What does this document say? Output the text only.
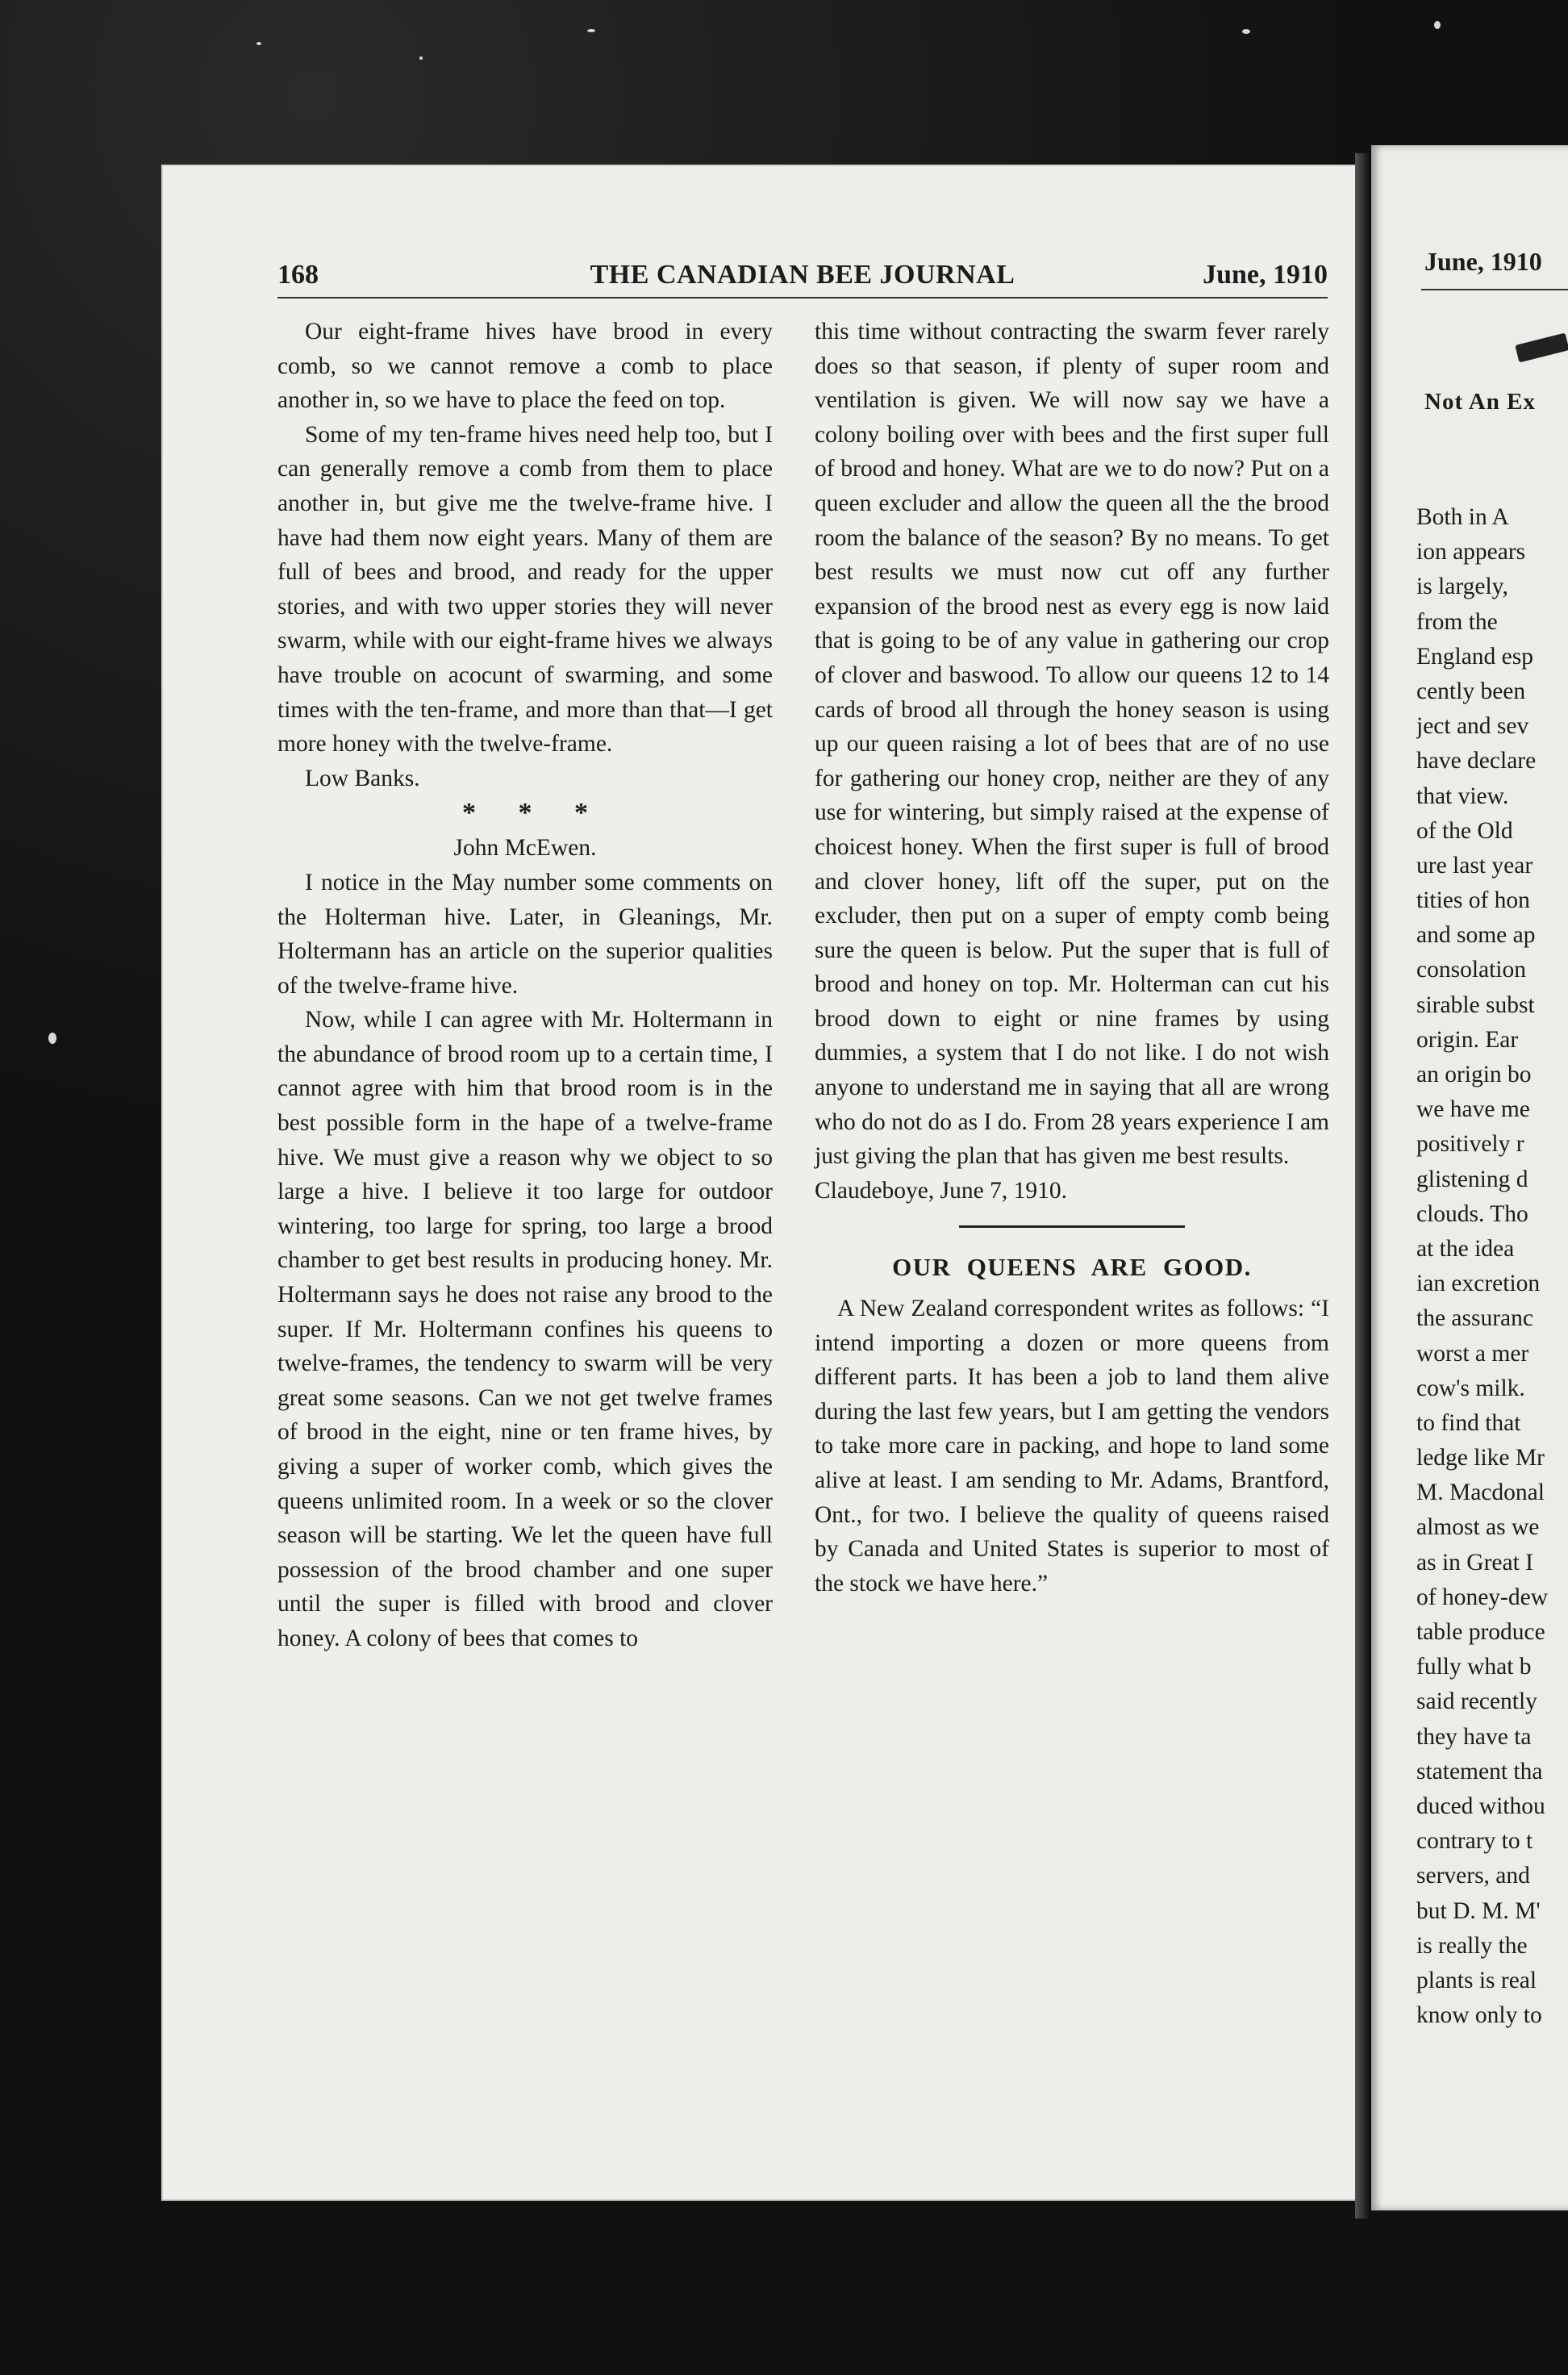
168	THE CANADIAN BEE JOURNAL	June, 1910

Our eight-frame hives have brood in every comb, so we cannot remove a comb to place another in, so we have to place the feed on top.

Some of my ten-frame hives need help too, but I can generally remove a comb from them to place another in, but give me the twelve-frame hive. I have had them now eight years. Many of them are full of bees and brood, and ready for the upper stories, and with two upper stories they will never swarm, while with our eight-frame hives we always have trouble on acocunt of swarming, and some times with the ten-frame, and more than that—I get more honey with the twelve-frame.

Low Banks.

* * *
John McEwen.

I notice in the May number some comments on the Holterman hive. Later, in Gleanings, Mr. Holtermann has an article on the superior qualities of the twelve-frame hive.

Now, while I can agree with Mr. Holtermann in the abundance of brood room up to a certain time, I cannot agree with him that brood room is in the best possible form in the hape of a twelve-frame hive. We must give a reason why we object to so large a hive. I believe it too large for outdoor wintering, too large for spring, too large a brood chamber to get best results in producing honey. Mr. Holtermann says he does not raise any brood to the super. If Mr. Holtermann confines his queens to twelve-frames, the tendency to swarm will be very great some seasons. Can we not get twelve frames of brood in the eight, nine or ten frame hives, by giving a super of worker comb, which gives the queens unlimited room. In a week or so the clover season will be starting. We let the queen have full possession of the brood chamber and one super until the super is filled with brood and clover honey. A colony of bees that comes to

this time without contracting the swarm fever rarely does so that season, if plenty of super room and ventilation is given. We will now say we have a colony boiling over with bees and the first super full of brood and honey. What are we to do now? Put on a queen excluder and allow the queen all the the brood room the balance of the season? By no means. To get best results we must now cut off any further expansion of the brood nest as every egg is now laid that is going to be of any value in gathering our crop of clover and baswood. To allow our queens 12 to 14 cards of brood all through the honey season is using up our queen raising a lot of bees that are of no use for gathering our honey crop, neither are they of any use for wintering, but simply raised at the expense of choicest honey. When the first super is full of brood and clover honey, lift off the super, put on the excluder, then put on a super of empty comb being sure the queen is below. Put the super that is full of brood and honey on top. Mr. Holterman can cut his brood down to eight or nine frames by using dummies, a system that I do not like. I do not wish anyone to understand me in saying that all are wrong who do not do as I do. From 28 years experience I am just giving the plan that has given me best results.

Claudeboye, June 7, 1910.

OUR QUEENS ARE GOOD.

A New Zealand correspondent writes as follows: “I intend importing a dozen or more queens from different parts. It has been a job to land them alive during the last few years, but I am getting the vendors to take more care in packing, and hope to land some alive at least. I am sending to Mr. Adams, Brantford, Ont., for two. I believe the quality of queens raised by Canada and United States is superior to most of the stock we have here.”

June, 1910
Not An Ex
Both in A
ion appears
is largely,
from the
England esp
cently been
ject and sev
have declare
that view.
of the Old
ure last year
tities of hon
and some ap
consolation
sirable subst
origin. Ear
an origin bo
we have me
positively r
glistening d
clouds. Tho
at the idea
ian excretion
the assuranc
worst a mer
cow's milk.
to find that
ledge like Mr
M. Macdonal
almost as we
as in Great I
of honey-dew
table produce
fully what b
said recently
they have ta
statement tha
duced withou
contrary to t
servers, and
but D. M. M'
is really the
plants is real
know only to
